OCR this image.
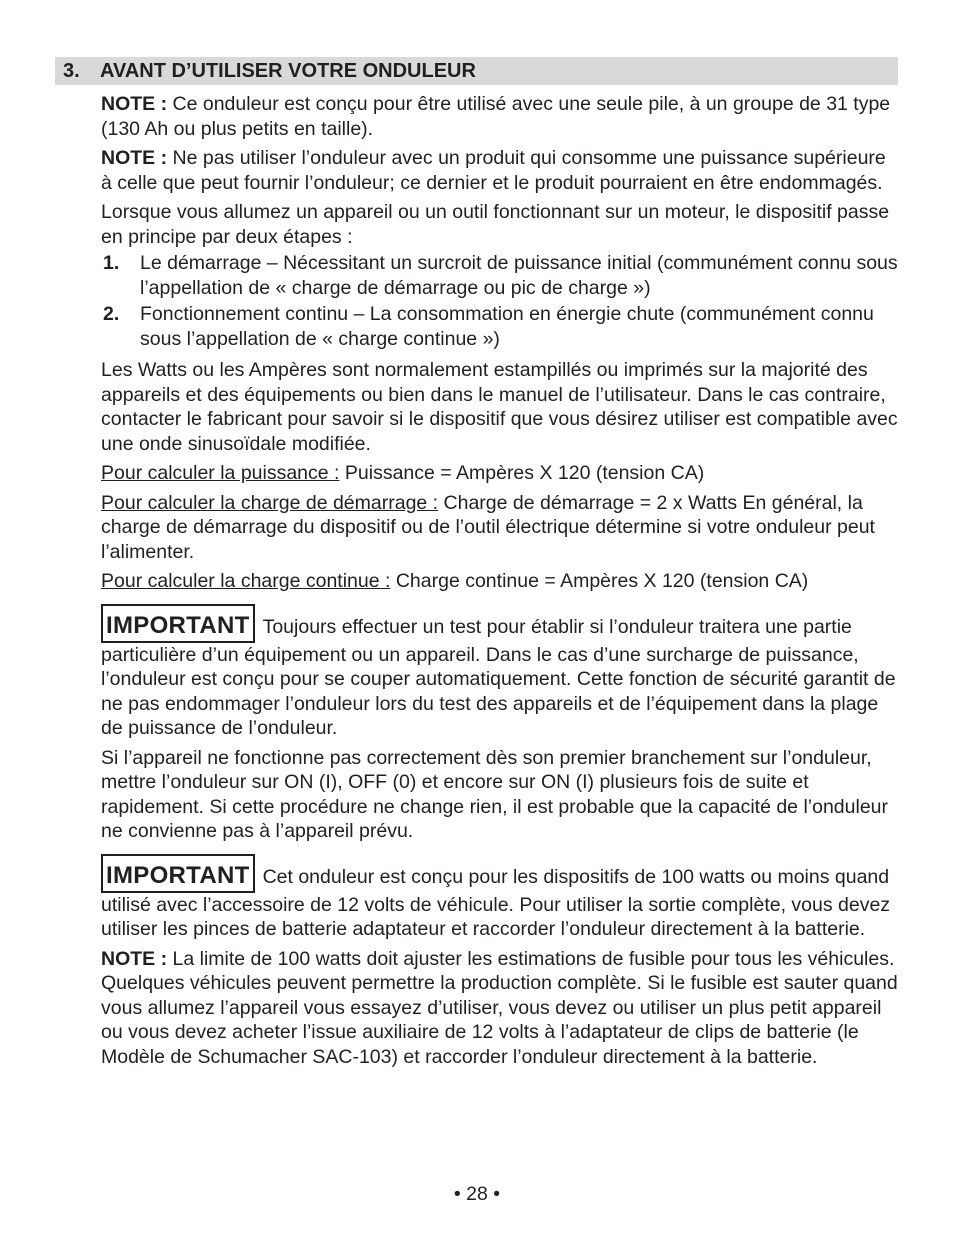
3. AVANT D’UTILISER VOTRE ONDULEUR

NOTE : Ce onduleur est conçu pour être utilisé avec une seule pile, à un groupe de 31 type (130 Ah ou plus petits en taille).

NOTE : Ne pas utiliser l’onduleur avec un produit qui consomme une puissance supérieure à celle que peut fournir l’onduleur; ce dernier et le produit pourraient en être endommagés.

Lorsque vous allumez un appareil ou un outil fonctionnant sur un moteur, le dispositif passe en principe par deux étapes :

1. Le démarrage – Nécessitant un surcroit de puissance initial (communément connu sous l’appellation de « charge de démarrage ou pic de charge »)
2. Fonctionnement continu – La consommation en énergie chute (communément connu sous l’appellation de « charge continue »)

Les Watts ou les Ampères sont normalement estampillés ou imprimés sur la majorité des appareils et des équipements ou bien dans le manuel de l’utilisateur. Dans le cas contraire, contacter le fabricant pour savoir si le dispositif que vous désirez utiliser est compatible avec une onde sinusoïdale modifiée.

Pour calculer la puissance : Puissance = Ampères X 120 (tension CA)

Pour calculer la charge de démarrage : Charge de démarrage = 2 x Watts En général, la charge de démarrage du dispositif ou de l’outil électrique détermine si votre onduleur peut l’alimenter.

Pour calculer la charge continue : Charge continue = Ampères X 120 (tension CA)

IMPORTANT Toujours effectuer un test pour établir si l’onduleur traitera une partie particulière d’un équipement ou un appareil. Dans le cas d’une surcharge de puissance, l’onduleur est conçu pour se couper automatiquement. Cette fonction de sécurité garantit de ne pas endommager l’onduleur lors du test des appareils et de l’équipement dans la plage de puissance de l’onduleur.

Si l’appareil ne fonctionne pas correctement dès son premier branchement sur l’onduleur, mettre l’onduleur sur ON (I), OFF (0) et encore sur ON (I) plusieurs fois de suite et rapidement. Si cette procédure ne change rien, il est probable que la capacité de l’onduleur ne convienne pas à l’appareil prévu.

IMPORTANT Cet onduleur est conçu pour les dispositifs de 100 watts ou moins quand utilisé avec l’accessoire de 12 volts de véhicule. Pour utiliser la sortie complète, vous devez utiliser les pinces de batterie adaptateur et raccorder l’onduleur directement à la batterie.

NOTE : La limite de 100 watts doit ajuster les estimations de fusible pour tous les véhicules. Quelques véhicules peuvent permettre la production complète. Si le fusible est sauter quand vous allumez l’appareil vous essayez d’utiliser, vous devez ou utiliser un plus petit appareil ou vous devez acheter l’issue auxiliaire de 12 volts à l’adaptateur de clips de batterie (le Modèle de Schumacher SAC-103) et raccorder l’onduleur directement à la batterie.

• 28 •
